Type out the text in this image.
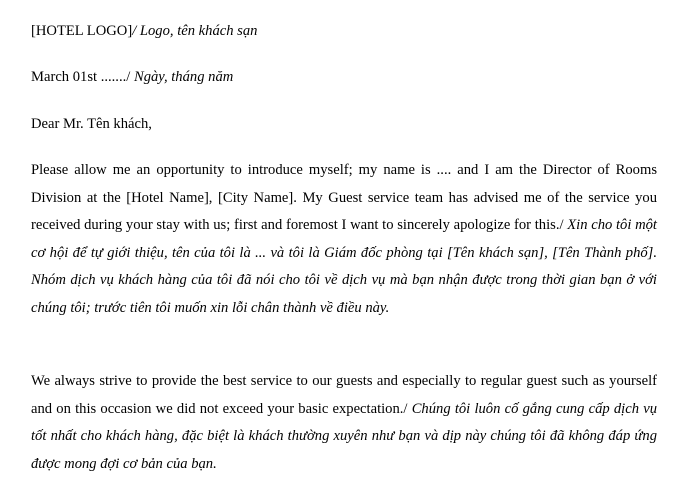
[HOTEL LOGO]/ Logo, tên khách sạn
March 01st ......./ Ngày, tháng năm
Dear Mr. Tên khách,
Please allow me an opportunity to introduce myself; my name is .... and I am the Director of Rooms Division at the [Hotel Name], [City Name]. My Guest service team has advised me of the service you received during your stay with us; first and foremost I want to sincerely apologize for this./ Xin cho tôi một cơ hội để tự giới thiệu, tên của tôi là ... và tôi là Giám đốc phòng tại [Tên khách sạn], [Tên Thành phố]. Nhóm dịch vụ khách hàng của tôi đã nói cho tôi về dịch vụ mà bạn nhận được trong thời gian bạn ở với chúng tôi; trước tiên tôi muốn xin lỗi chân thành về điều này.
We always strive to provide the best service to our guests and especially to regular guest such as yourself and on this occasion we did not exceed your basic expectation./ Chúng tôi luôn cố gắng cung cấp dịch vụ tốt nhất cho khách hàng, đặc biệt là khách thường xuyên như bạn và dịp này chúng tôi đã không đáp ứng được mong đợi cơ bản của bạn.
